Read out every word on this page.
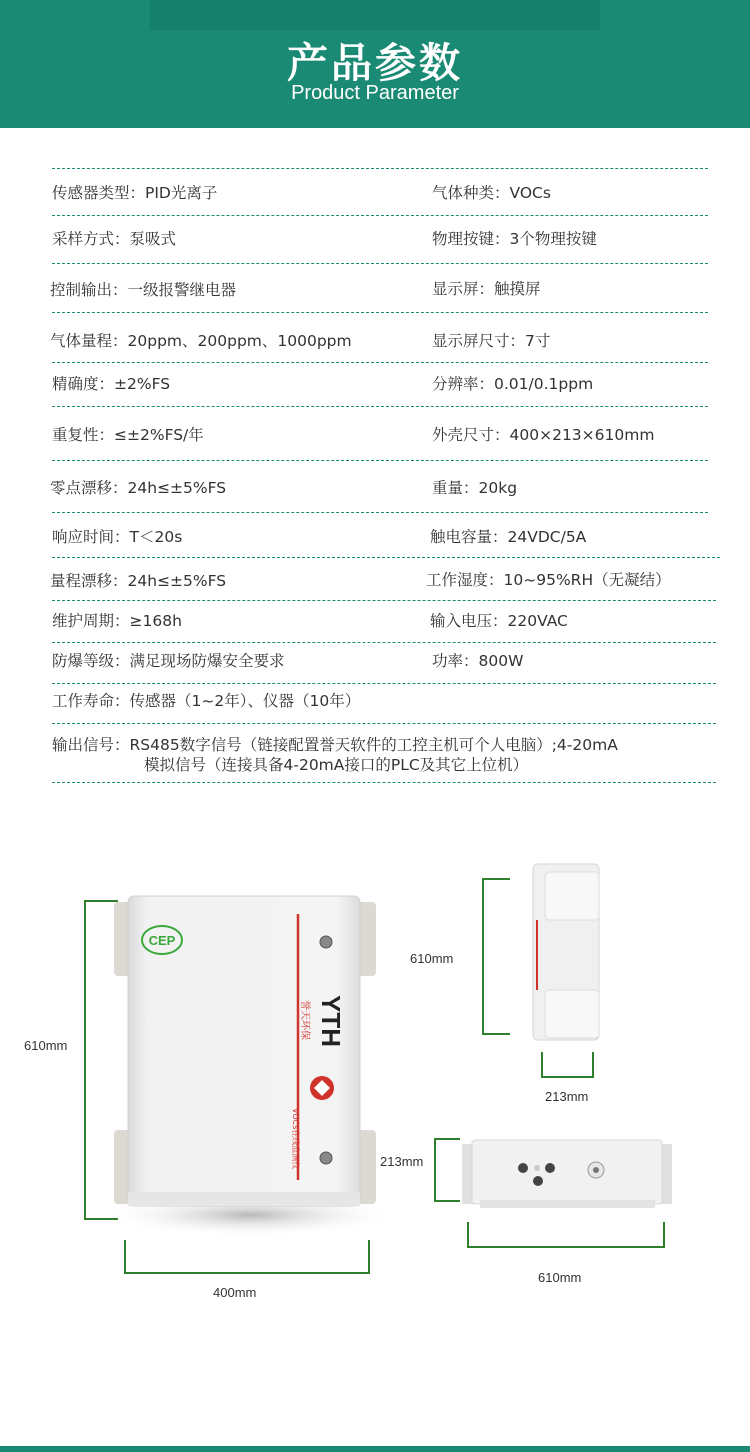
产品参数
Product Parameter
传感器类型：PID光离子	气体种类：VOCs
采样方式：泵吸式	物理按键：3个物理按键
控制输出：一级报警继电器	显示屏：触摸屏
气体量程：20ppm、200ppm、1000ppm	显示屏尺寸：7寸
精确度：±2%FS	分辨率：0.01/0.1ppm
重复性：≤±2%FS/年	外壳尺寸：400×213×610mm
零点漂移：24h≤±5%FS	重量：20kg
响应时间：T＜20s	触电容量：24VDC/5A
量程漂移：24h≤±5%FS	工作湿度：10~95%RH（无凝结）
维护周期：≥168h	输入电压：220VAC
防爆等级：满足现场防爆安全要求	功率：800W
工作寿命：传感器（1~2年）、仪器（10年）
输出信号：RS485数字信号（链接配置誉天软件的工控主机可个人电脑）;4-20mA
模拟信号（连接具备4-20mA接口的PLC及其它上位机）
CEP
YTH
誉天环保
VOCs在线监测仪
610mm
400mm
610mm
213mm
213mm
610mm
